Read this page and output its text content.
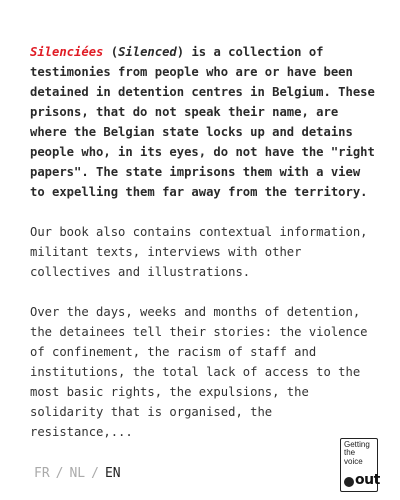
Silenciées (Silenced) is a collection of testimonies from people who are or have been detained in detention centres in Belgium. These prisons, that do not speak their name, are where the Belgian state locks up and detains people who, in its eyes, do not have the "right papers". The state imprisons them with a view to expelling them far away from the territory.

Our book also contains contextual information, militant texts, interviews with other collectives and illustrations.

Over the days, weeks and months of detention, the detainees tell their stories: the violence of confinement, the racism of staff and institutions, the total lack of access to the most basic rights, the expulsions, the solidarity that is organised, the resistance,...

FR / NL / EN
Getting
the
voice
out
